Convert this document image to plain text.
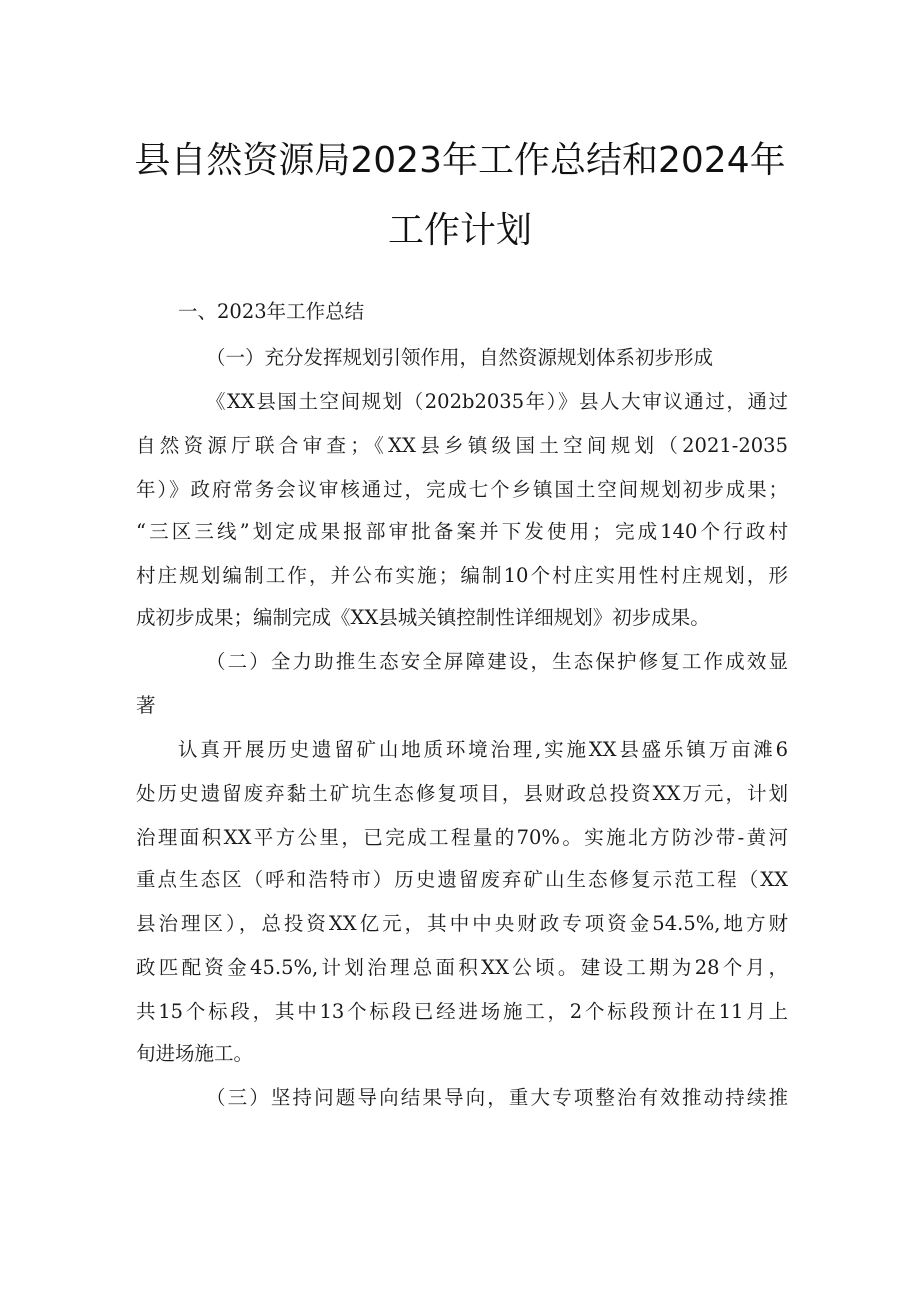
县自然资源局2023年工作总结和2024年
工作计划

一、2023年工作总结

（一）充分发挥规划引领作用，自然资源规划体系初步形成

《XX县国土空间规划（202b2035年）》县人大审议通过，通过

自然资源厅联合审查；《XX县乡镇级国土空间规划（2021-2035

年）》政府常务会议审核通过，完成七个乡镇国土空间规划初步成果；

“三区三线”划定成果报部审批备案并下发使用；完成140个行政村

村庄规划编制工作，并公布实施；编制10个村庄实用性村庄规划，形

成初步成果；编制完成《XX县城关镇控制性详细规划》初步成果。

（二）全力助推生态安全屏障建设，生态保护修复工作成效显

著

认真开展历史遗留矿山地质环境治理,实施XX县盛乐镇万亩滩6

处历史遗留废弃黏土矿坑生态修复项目，县财政总投资XX万元，计划

治理面积XX平方公里，已完成工程量的70%。实施北方防沙带-黄河

重点生态区（呼和浩特市）历史遗留废弃矿山生态修复示范工程（XX

县治理区），总投资XX亿元，其中中央财政专项资金54.5%,地方财

政匹配资金45.5%,计划治理总面积XX公顷。建设工期为28个月，

共15个标段，其中13个标段已经进场施工，2个标段预计在11月上

旬进场施工。

（三）坚持问题导向结果导向，重大专项整治有效推动持续推
